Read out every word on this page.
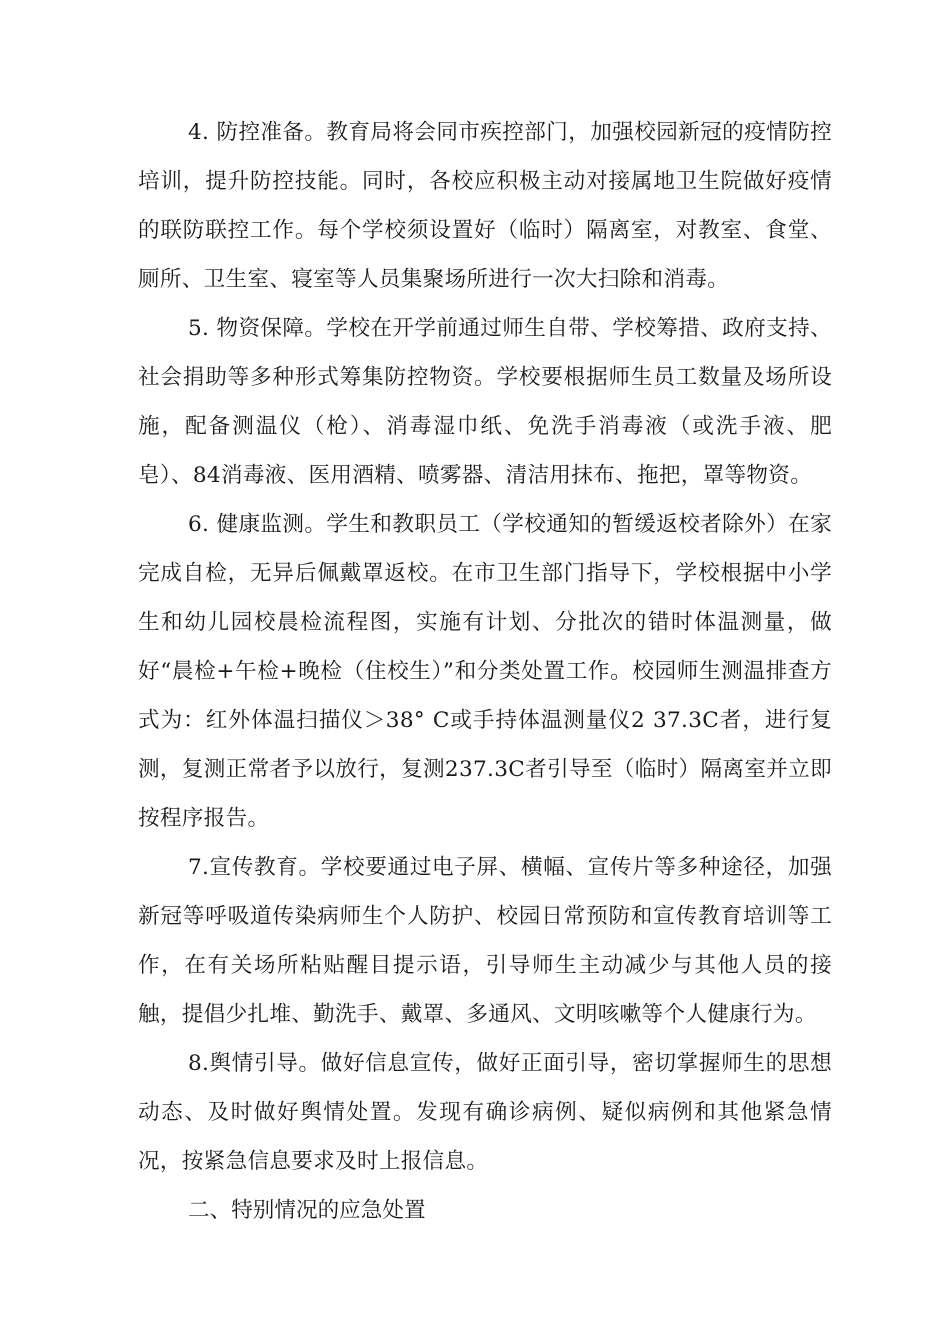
4. 防控准备。教育局将会同市疾控部门，加强校园新冠的疫情防控培训，提升防控技能。同时，各校应积极主动对接属地卫生院做好疫情的联防联控工作。每个学校须设置好（临时）隔离室，对教室、食堂、厕所、卫生室、寝室等人员集聚场所进行一次大扫除和消毒。

5. 物资保障。学校在开学前通过师生自带、学校筹措、政府支持、社会捐助等多种形式筹集防控物资。学校要根据师生员工数量及场所设施，配备测温仪（枪）、消毒湿巾纸、免洗手消毒液（或洗手液、肥皂）、84消毒液、医用酒精、喷雾器、清洁用抹布、拖把，罩等物资。

6. 健康监测。学生和教职员工（学校通知的暂缓返校者除外）在家完成自检，无异后佩戴罩返校。在市卫生部门指导下，学校根据中小学生和幼儿园校晨检流程图，实施有计划、分批次的错时体温测量，做好“晨检+午检+晚检（住校生）”和分类处置工作。校园师生测温排查方式为：红外体温扫描仪＞38° C或手持体温测量仪2 37.3C者，进行复测，复测正常者予以放行，复测237.3C者引导至（临时）隔离室并立即按程序报告。

7.宣传教育。学校要通过电子屏、横幅、宣传片等多种途径，加强新冠等呼吸道传染病师生个人防护、校园日常预防和宣传教育培训等工作，在有关场所粘贴醒目提示语，引导师生主动减少与其他人员的接触，提倡少扎堆、勤洗手、戴罩、多通风、文明咳嗽等个人健康行为。

8.舆情引导。做好信息宣传，做好正面引导，密切掌握师生的思想动态、及时做好舆情处置。发现有确诊病例、疑似病例和其他紧急情况，按紧急信息要求及时上报信息。

二、特别情况的应急处置
